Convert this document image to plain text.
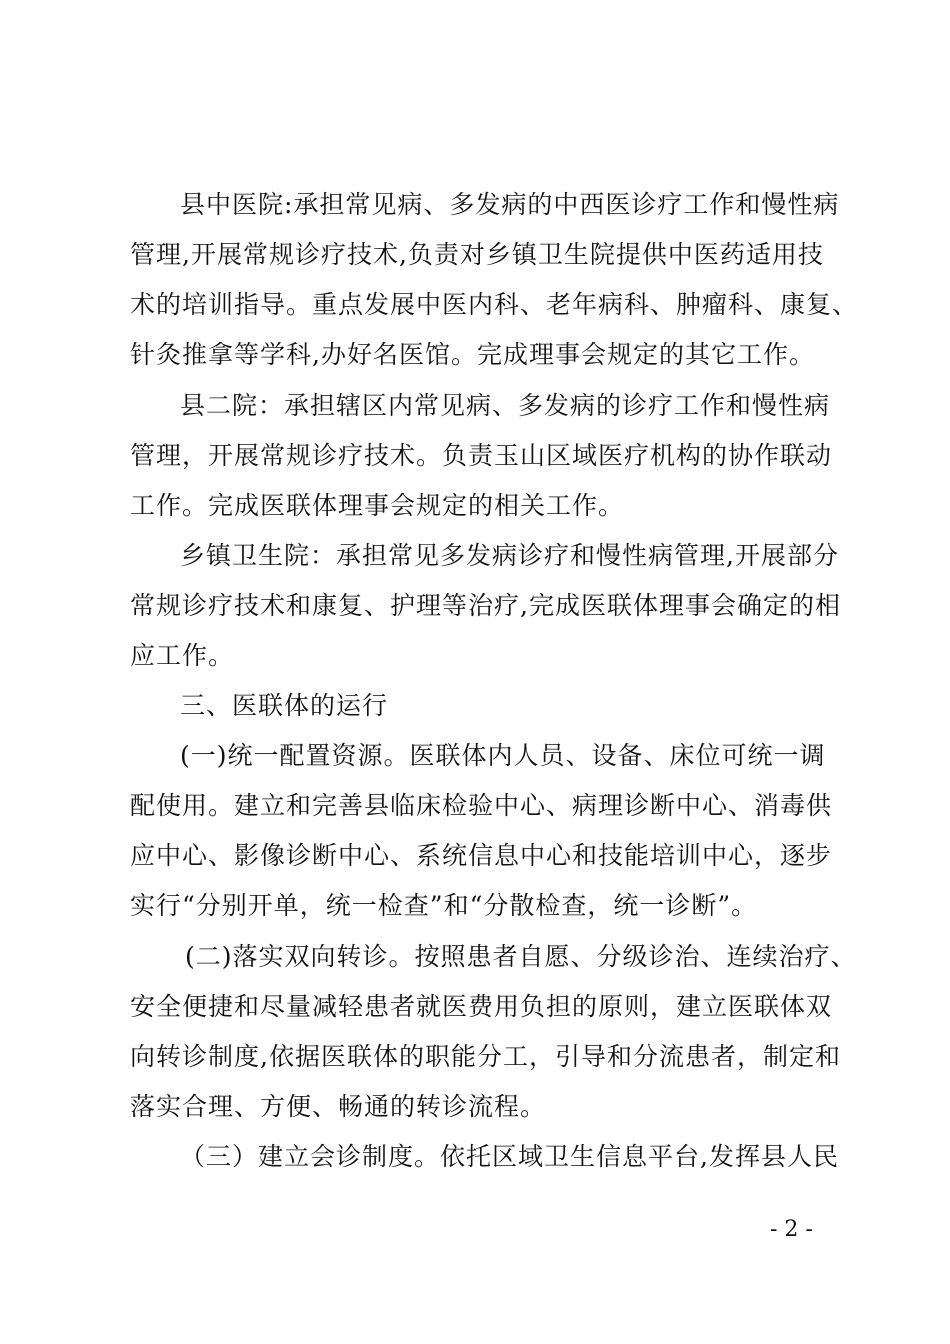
县中医院:承担常见病、多发病的中西医诊疗工作和慢性病
管理,开展常规诊疗技术,负责对乡镇卫生院提供中医药适用技
术的培训指导。重点发展中医内科、老年病科、肿瘤科、康复、
针灸推拿等学科,办好名医馆。完成理事会规定的其它工作。
县二院：承担辖区内常见病、多发病的诊疗工作和慢性病
管理，开展常规诊疗技术。负责玉山区域医疗机构的协作联动
工作。完成医联体理事会规定的相关工作。
乡镇卫生院：承担常见多发病诊疗和慢性病管理,开展部分
常规诊疗技术和康复、护理等治疗,完成医联体理事会确定的相
应工作。
三、医联体的运行
(一)统一配置资源。医联体内人员、设备、床位可统一调
配使用。建立和完善县临床检验中心、病理诊断中心、消毒供
应中心、影像诊断中心、系统信息中心和技能培训中心，逐步
实行“分别开单，统一检查”和“分散检查，统一诊断”。
(二)落实双向转诊。按照患者自愿、分级诊治、连续治疗、
安全便捷和尽量减轻患者就医费用负担的原则，建立医联体双
向转诊制度,依据医联体的职能分工，引导和分流患者，制定和
落实合理、方便、畅通的转诊流程。
（三）建立会诊制度。依托区域卫生信息平台,发挥县人民
- 2 -
